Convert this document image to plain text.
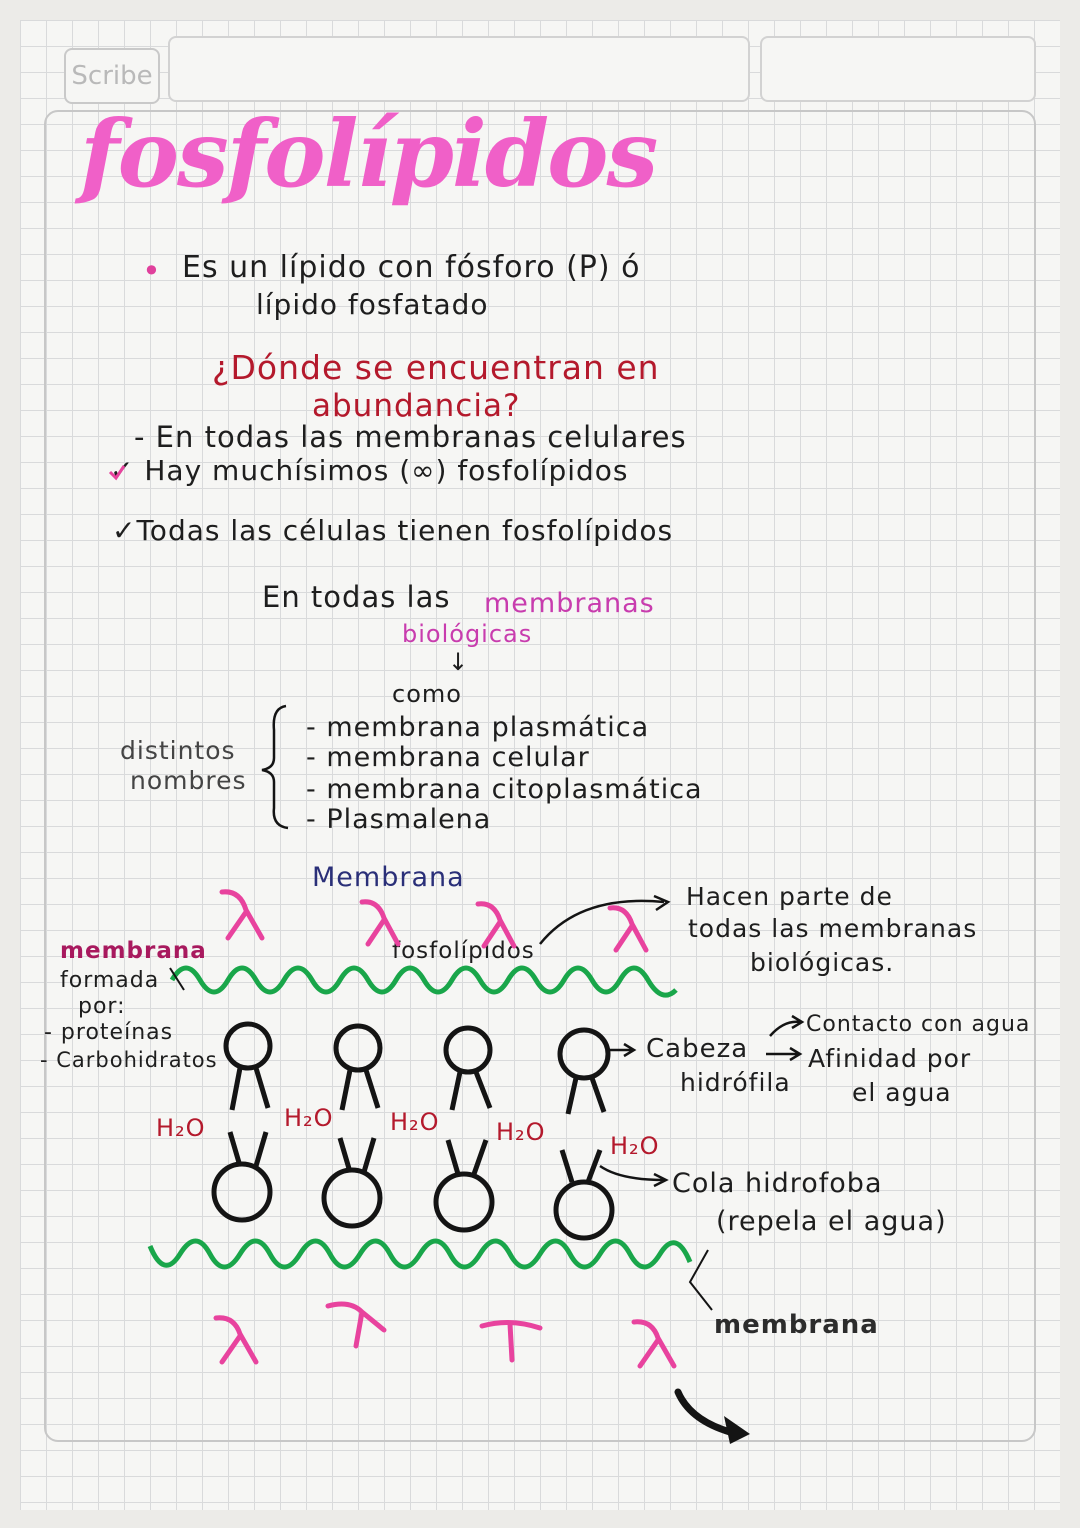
Scribe
fosfolípidos
• Es un lípido con fósforo (P) ó
lípido fosfatado
¿Dónde se encuentran en
abundancia?
- En todas las membranas celulares
✓ Hay muchísimos (∞) fosfolípidos
✓Todas las células tienen fosfolípidos
En todas las membranas
biológicas
↓
como
distintos
nombres
- membrana plasmática
- membrana celular
- membrana citoplasmática
- Plasmalena
Membrana
fosfolípidos
Hacen parte de
todas las membranas
biológicas.
membrana
formada
por:
- proteínas
- Carbohidratos
H₂O	H₂O H₂O H₂O	H₂O
Cabeza
hidrófila
Contacto con agua
Afinidad por
el agua
Cola hidrofoba
(repela el agua)
membrana
